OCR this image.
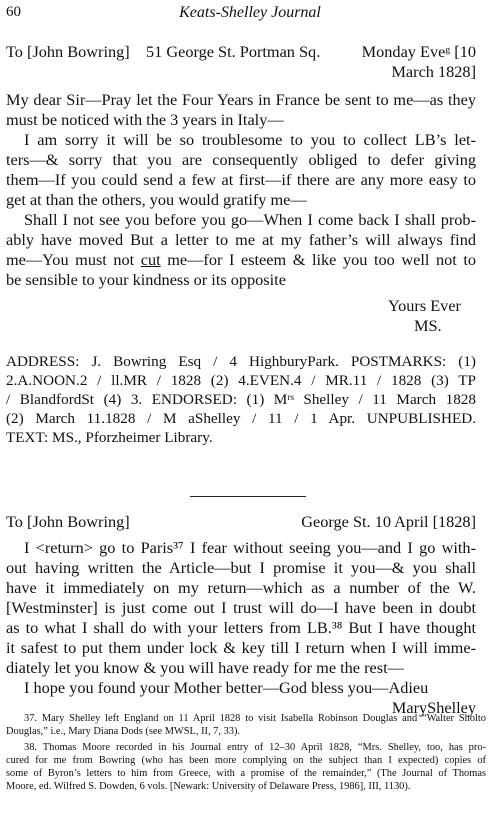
60	Keats-Shelley Journal
To [John Bowring] 51 George St. Portman Sq.	Monday Eveᵍ [10
March 1828]
My dear Sir—Pray let the Four Years in France be sent to me—as they
must be noticed with the 3 years in Italy—
I am sorry it will be so troublesome to you to collect LB’s let-
ters—& sorry that you are consequently obliged to defer giving
them—If you could send a few at first—if there are any more easy to
get at than the others, you would gratify me—
Shall I not see you before you go—When I come back I shall prob-
ably have moved But a letter to me at my father’s will always find
me—You must not cut me—for I esteem & like you too well not to
be sensible to your kindness or its opposite
Yours Ever
MS.
ADDRESS: J. Bowring Esq / 4 HighburyPark. POSTMARKS: (1)
2.A.NOON.2 / ll.MR / 1828 (2) 4.EVEN.4 / MR.11 / 1828 (3) TP
/ BlandfordSt (4) 3. ENDORSED: (1) Mʳˢ Shelley / 11 March 1828
(2) March 11.1828 / M aShelley / 11 / 1 Apr. UNPUBLISHED.
TEXT: MS., Pforzheimer Library.
To [John Bowring]	George St. 10 April [1828]
I <return> go to Paris³⁷ I fear without seeing you—and I go with-
out having written the Article—but I promise it you—& you shall
have it immediately on my return—which as a number of the W.
[Westminster] is just come out I trust will do—I have been in doubt
as to what I shall do with your letters from LB.³⁸ But I have thought
it safest to put them under lock & key till I return when I will imme-
diately let you know & you will have ready for me the rest—
I hope you found your Mother better—God bless you—Adieu
MaryShelley
37. Mary Shelley left England on 11 April 1828 to visit Isabella Robinson Douglas and “Walter Sholto
Douglas,” i.e., Mary Diana Dods (see MWSL, II, 7, 33).
38. Thomas Moore recorded in his Journal entry of 12–30 April 1828, “Mrs. Shelley, too, has pro-
cured for me from Bowring (who has been more complying on the subject than I expected) copies of
some of Byron’s letters to him from Greece, with a promise of the remainder,” (The Journal of Thomas
Moore, ed. Wilfred S. Dowden, 6 vols. [Newark: University of Delaware Press, 1986], III, 1130).
